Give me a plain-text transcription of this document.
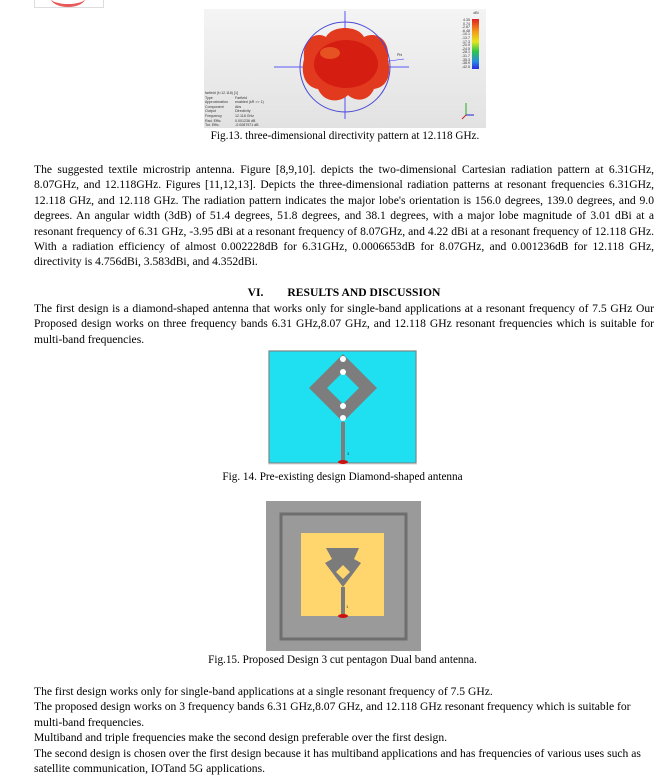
dBi
4.35
0.74
-2.87
-6.48
-10.1
-13.7
-17.3
-20.9
-24.5
-28.1
-31.7
-35.3
-38.9
-42.5
Phi
farfield (f=12.118) [1]
Type	Farfield
Approximation	enabled (kR >> 1)
Component	Abs
Output	Directivity
Frequency	12.118 GHz
Rad. Effic.	0.001236 dB
Tot. Effic.	-0.0087971 dB
Fig.13. three-dimensional directivity pattern at 12.118 GHz.

The suggested textile microstrip antenna. Figure [8,9,10]. depicts the two-dimensional Cartesian radiation pattern at 6.31GHz, 8.07GHz, and 12.118GHz. Figures [11,12,13]. Depicts the three-dimensional radiation patterns at resonant frequencies 6.31GHz, 12.118 GHz, and 12.118 GHz. The radiation pattern indicates the major lobe's orientation is 156.0 degrees, 139.0 degrees, and 9.0 degrees. An angular width (3dB) of 51.4 degrees, 51.8 degrees, and 38.1 degrees, with a major lobe magnitude of 3.01 dBi at a resonant frequency of 6.31 GHz, -3.95 dBi at a resonant frequency of 8.07GHz, and 4.22 dBi at a resonant frequency of 12.118 GHz. With a radiation efficiency of almost 0.002228dB for 6.31GHz, 0.0006653dB for 8.07GHz, and 0.001236dB for 12.118 GHz, directivity is 4.756dBi, 3.583dBi, and 4.352dBi.

VI. RESULTS AND DISCUSSION

The first design is a diamond-shaped antenna that works only for single-band applications at a resonant frequency of 7.5 GHz Our Proposed design works on three frequency bands 6.31 GHz,8.07 GHz, and 12.118 GHz resonant frequencies which is suitable for multi-band frequencies.

3
Fig. 14. Pre-existing design Diamond-shaped antenna
1
Fig.15. Proposed Design 3 cut pentagon Dual band antenna.
The first design works only for single-band applications at a single resonant frequency of 7.5 GHz.
The proposed design works on 3 frequency bands 6.31 GHz,8.07 GHz, and 12.118 GHz resonant frequency which is suitable for multi-band frequencies.
Multiband and triple frequencies make the second design preferable over the first design.
The second design is chosen over the first design because it has multiband applications and has frequencies of various uses such as satellite communication, IOTand 5G applications.
